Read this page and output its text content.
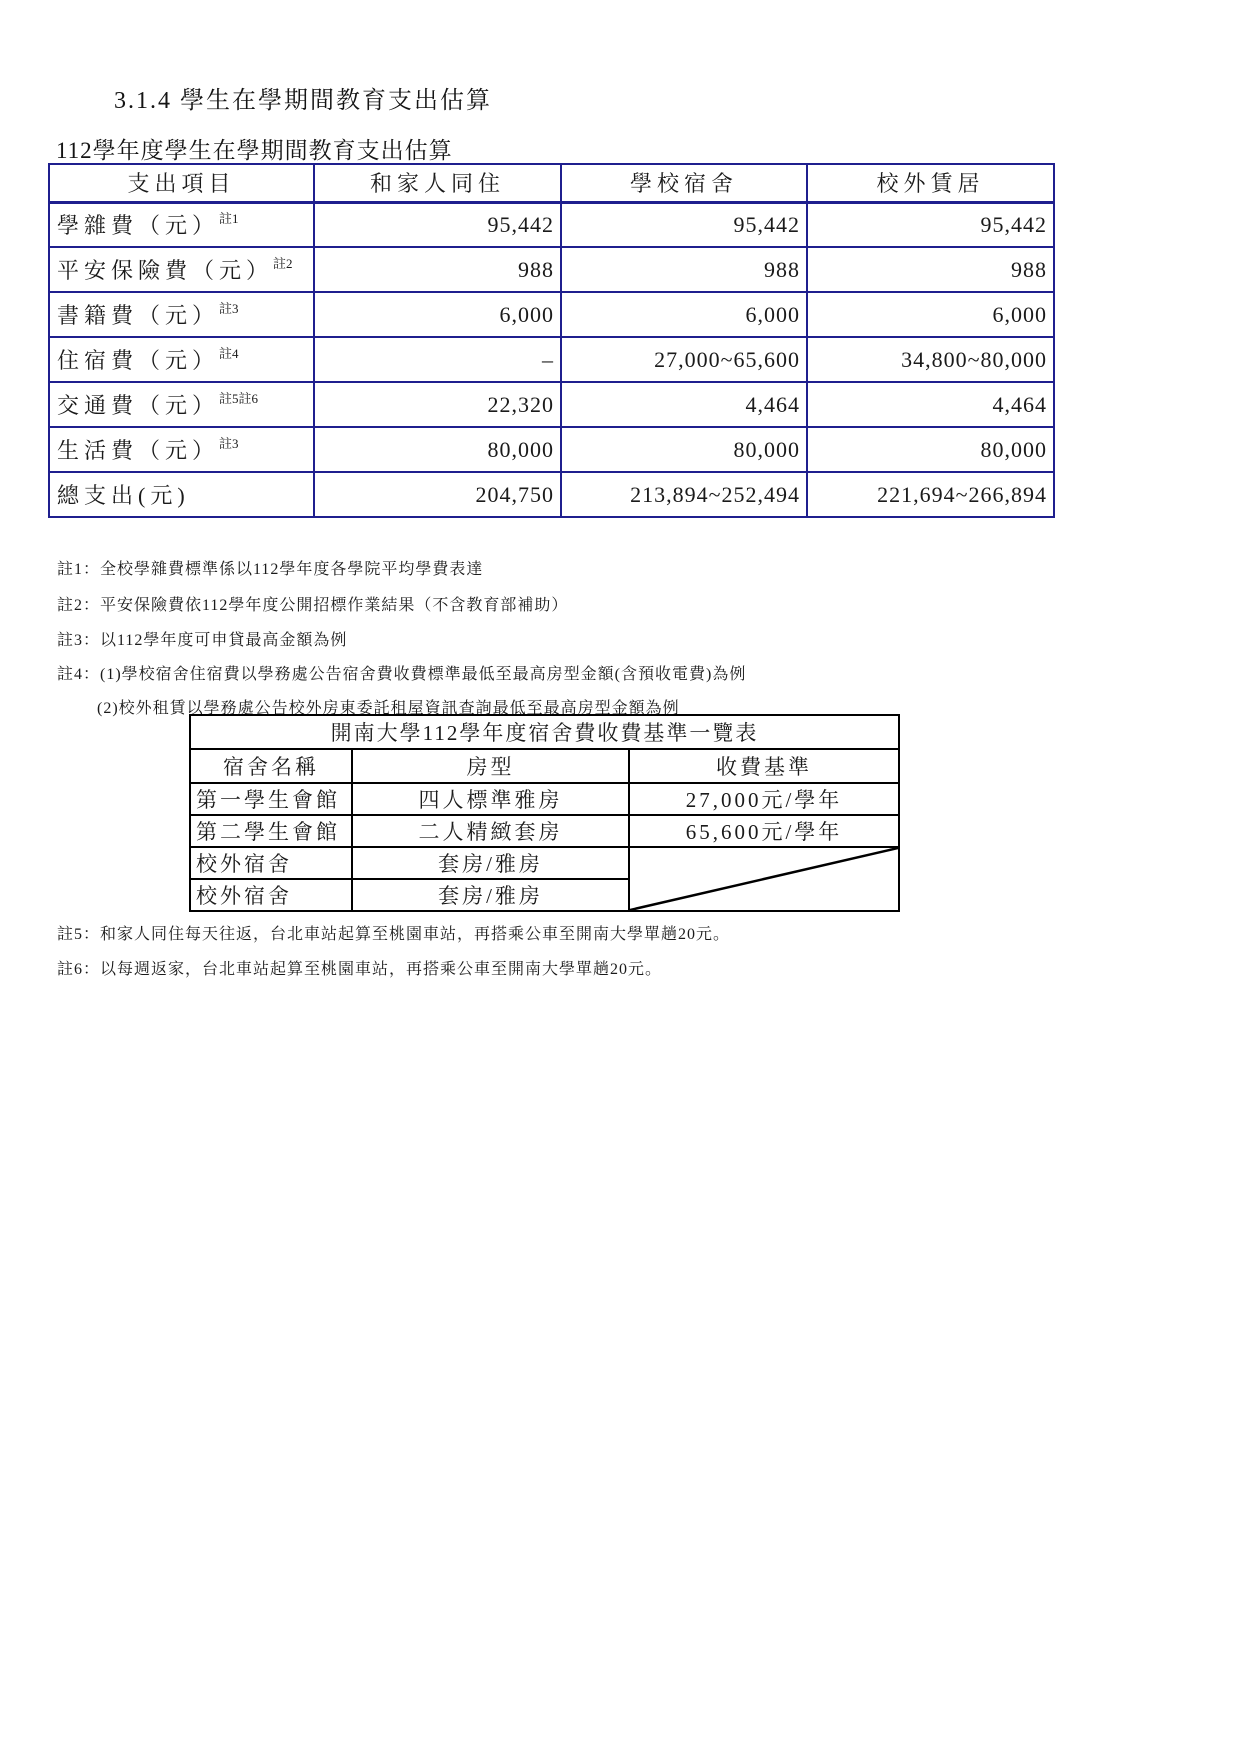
3.1.4 學生在學期間教育支出估算
112學年度學生在學期間教育支出估算
支出項目	和家人同住	學校宿舍	校外賃居
學雜費（元）$^{註1}$	95,442	95,442	95,442
平安保險費（元）$^{註2}$	988	988	988
書籍費（元）$^{註3}$	6,000	6,000	6,000
住宿費（元）$^{註4}$	–	27,000~65,600	34,800~80,000
交通費（元）$^{註5註6}$	22,320	4,464	4,464
生活費（元）$^{註3}$	80,000	80,000	80,000
總支出(元)	204,750	213,894~252,494	221,694~266,894
註1：全校學雜費標準係以112學年度各學院平均學費表達
註2：平安保險費依112學年度公開招標作業結果（不含教育部補助）
註3：以112學年度可申貸最高金額為例
註4：(1)學校宿舍住宿費以學務處公告宿舍費收費標準最低至最高房型金額(含預收電費)為例
(2)校外租賃以學務處公告校外房東委託租屋資訊查詢最低至最高房型金額為例
開南大學112學年度宿舍費收費基準一覽表		
宿舍名稱	房型	收費基準
第一學生會館	四人標準雅房	27,000元/學年
第二學生會館	二人精緻套房	65,600元/學年
校外宿舍	套房/雅房	

校外宿舍	套房/雅房	
註5：和家人同住每天往返，台北車站起算至桃園車站，再搭乘公車至開南大學單趟20元。
註6：以每週返家，台北車站起算至桃園車站，再搭乘公車至開南大學單趟20元。
